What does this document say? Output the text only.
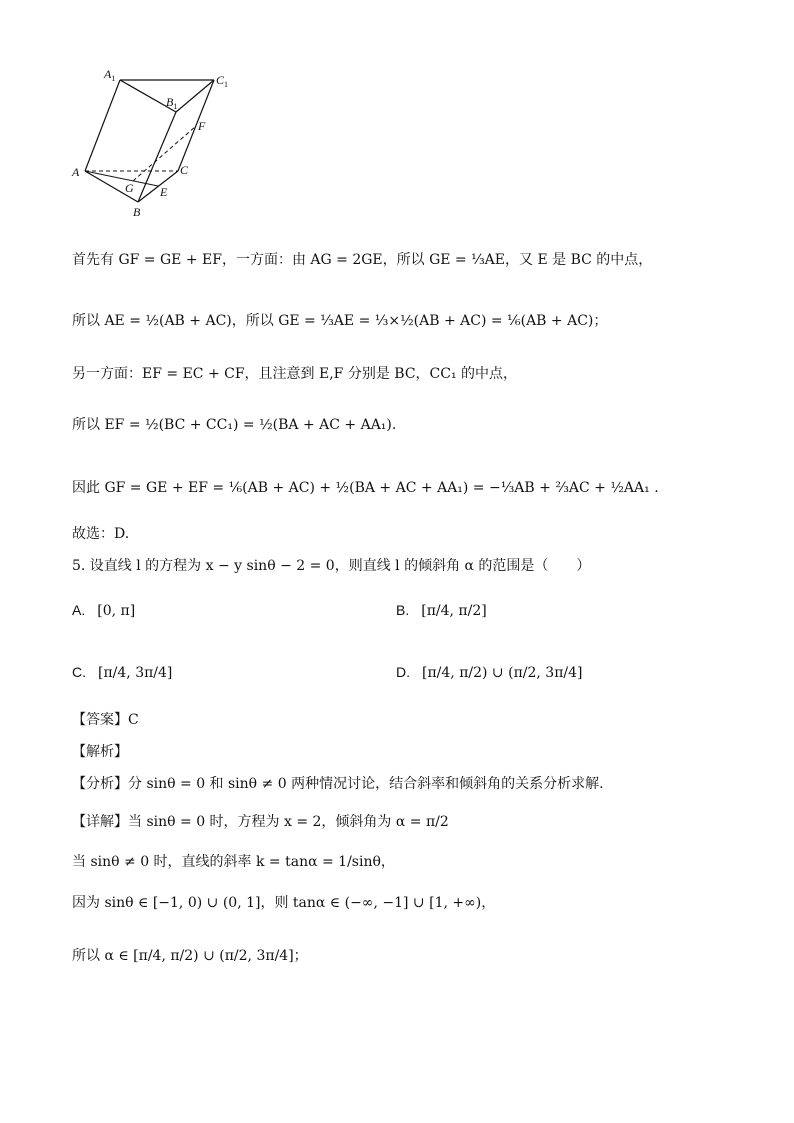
$A_1$	$C_1$
$B_1$
F
A	C
G E
B
首先有 GF = GE + EF，一方面：由 AG = 2GE，所以 GE = ⅓AE，又 E 是 BC 的中点，
所以 AE = ½(AB + AC)，所以 GE = ⅓AE = ⅓×½(AB + AC) = ⅙(AB + AC)；
另一方面：EF = EC + CF，且注意到 E,F 分别是 BC，CC₁ 的中点，
所以 EF = ½(BC + CC₁) = ½(BA + AC + AA₁).
因此 GF = GE + EF = ⅙(AB + AC) + ½(BA + AC + AA₁) = −⅓AB + ⅔AC + ½AA₁ .
故选：D.
5. 设直线 l 的方程为 x − y sinθ − 2 = 0，则直线 l 的倾斜角 α 的范围是（　　）
A. [0, π]	B. [π/4, π/2]
C. [π/4, 3π/4]	D. [π/4, π/2) ∪ (π/2, 3π/4]
【答案】C
【解析】
【分析】分 sinθ = 0 和 sinθ ≠ 0 两种情况讨论，结合斜率和倾斜角的关系分析求解.
【详解】当 sinθ = 0 时，方程为 x = 2，倾斜角为 α = π/2
当 sinθ ≠ 0 时，直线的斜率 k = tanα = 1/sinθ，
因为 sinθ ∈ [−1, 0) ∪ (0, 1]，则 tanα ∈ (−∞, −1] ∪ [1, +∞)，
所以 α ∈ [π/4, π/2) ∪ (π/2, 3π/4]；
